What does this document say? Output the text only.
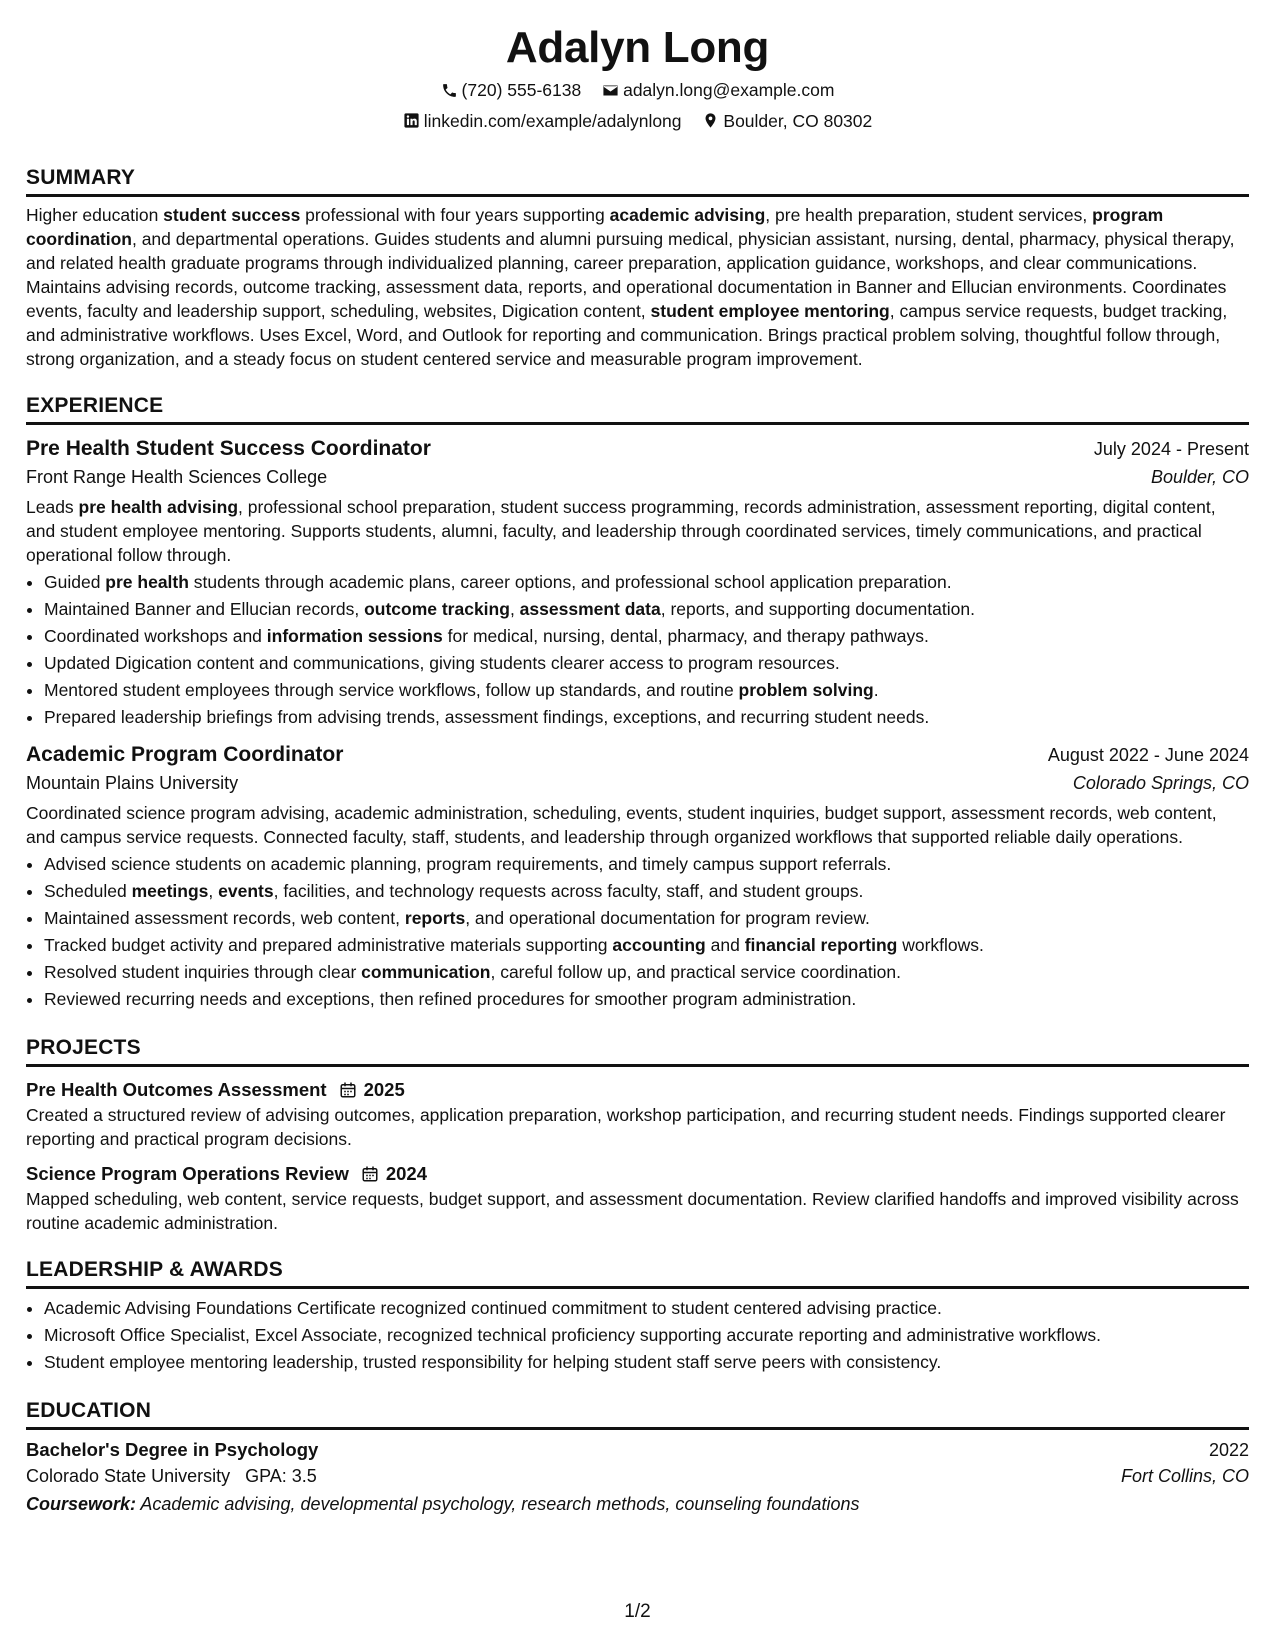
Adalyn Long
(720) 555-6138
adalyn.long@example.com
linkedin.com/example/adalynlong
Boulder, CO 80302
SUMMARY
Higher education student success professional with four years supporting academic advising, pre health preparation, student services, program coordination, and departmental operations. Guides students and alumni pursuing medical, physician assistant, nursing, dental, pharmacy, physical therapy, and related health graduate programs through individualized planning, career preparation, application guidance, workshops, and clear communications. Maintains advising records, outcome tracking, assessment data, reports, and operational documentation in Banner and Ellucian environments. Coordinates events, faculty and leadership support, scheduling, websites, Digication content, student employee mentoring, campus service requests, budget tracking, and administrative workflows. Uses Excel, Word, and Outlook for reporting and communication. Brings practical problem solving, thoughtful follow through, strong organization, and a steady focus on student centered service and measurable program improvement.
EXPERIENCE
Pre Health Student Success Coordinator	July 2024 - Present
Front Range Health Sciences College	Boulder, CO
Leads pre health advising, professional school preparation, student success programming, records administration, assessment reporting, digital content, and student employee mentoring. Supports students, alumni, faculty, and leadership through coordinated services, timely communications, and practical operational follow through.
• Guided pre health students through academic plans, career options, and professional school application preparation.
• Maintained Banner and Ellucian records, outcome tracking, assessment data, reports, and supporting documentation.
• Coordinated workshops and information sessions for medical, nursing, dental, pharmacy, and therapy pathways.
• Updated Digication content and communications, giving students clearer access to program resources.
• Mentored student employees through service workflows, follow up standards, and routine problem solving.
• Prepared leadership briefings from advising trends, assessment findings, exceptions, and recurring student needs.
Academic Program Coordinator	August 2022 - June 2024
Mountain Plains University	Colorado Springs, CO
Coordinated science program advising, academic administration, scheduling, events, student inquiries, budget support, assessment records, web content, and campus service requests. Connected faculty, staff, students, and leadership through organized workflows that supported reliable daily operations.
• Advised science students on academic planning, program requirements, and timely campus support referrals.
• Scheduled meetings, events, facilities, and technology requests across faculty, staff, and student groups.
• Maintained assessment records, web content, reports, and operational documentation for program review.
• Tracked budget activity and prepared administrative materials supporting accounting and financial reporting workflows.
• Resolved student inquiries through clear communication, careful follow up, and practical service coordination.
• Reviewed recurring needs and exceptions, then refined procedures for smoother program administration.
PROJECTS
Pre Health Outcomes Assessment 2025
Created a structured review of advising outcomes, application preparation, workshop participation, and recurring student needs. Findings supported clearer reporting and practical program decisions.
Science Program Operations Review 2024
Mapped scheduling, web content, service requests, budget support, and assessment documentation. Review clarified handoffs and improved visibility across routine academic administration.
LEADERSHIP & AWARDS
• Academic Advising Foundations Certificate recognized continued commitment to student centered advising practice.
• Microsoft Office Specialist, Excel Associate, recognized technical proficiency supporting accurate reporting and administrative workflows.
• Student employee mentoring leadership, trusted responsibility for helping student staff serve peers with consistency.
EDUCATION
Bachelor's Degree in Psychology	2022
Colorado State University GPA: 3.5	Fort Collins, CO
Coursework: Academic advising, developmental psychology, research methods, counseling foundations
1/2
